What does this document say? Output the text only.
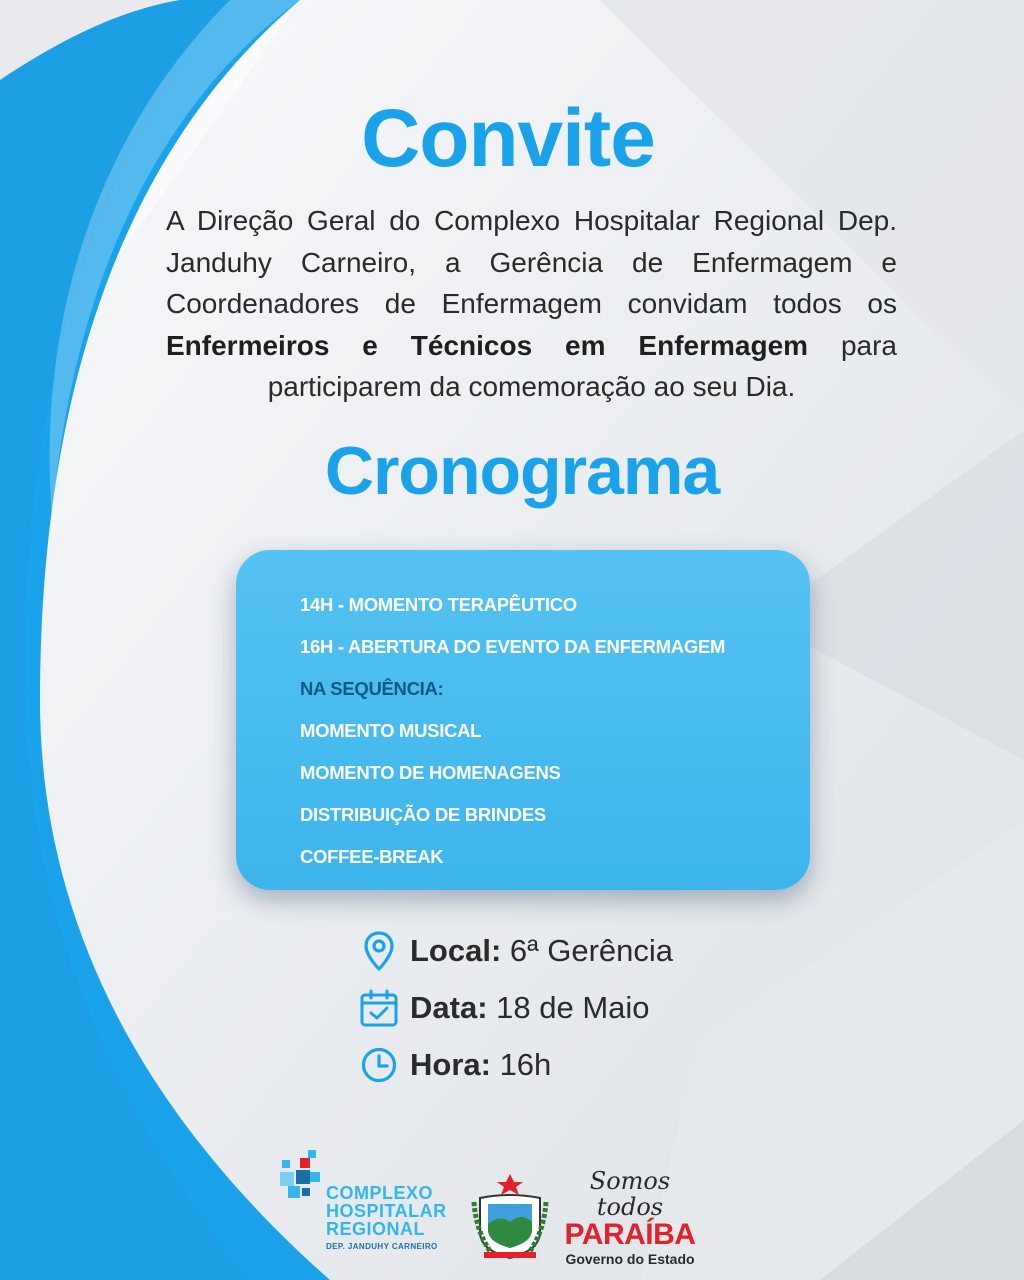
Convite

A Direção Geral do Complexo Hospitalar Regional Dep. Janduhy Carneiro, a Gerência de Enfermagem e Coordenadores de Enfermagem convidam todos os Enfermeiros e Técnicos em Enfermagem para participarem da comemoração ao seu Dia.

Cronograma
14H - MOMENTO TERAPÊUTICO
16H - ABERTURA DO EVENTO DA ENFERMAGEM
NA SEQUÊNCIA:
MOMENTO MUSICAL
MOMENTO DE HOMENAGENS
DISTRIBUIÇÃO DE BRINDES
COFFEE-BREAK
Local: 6ª Gerência
Data: 18 de Maio
Hora: 16h
COMPLEXO
HOSPITALAR
REGIONAL
DEP. JANDUHY CARNEIRO
Somos todos
PARAÍBA
Governo do Estado
